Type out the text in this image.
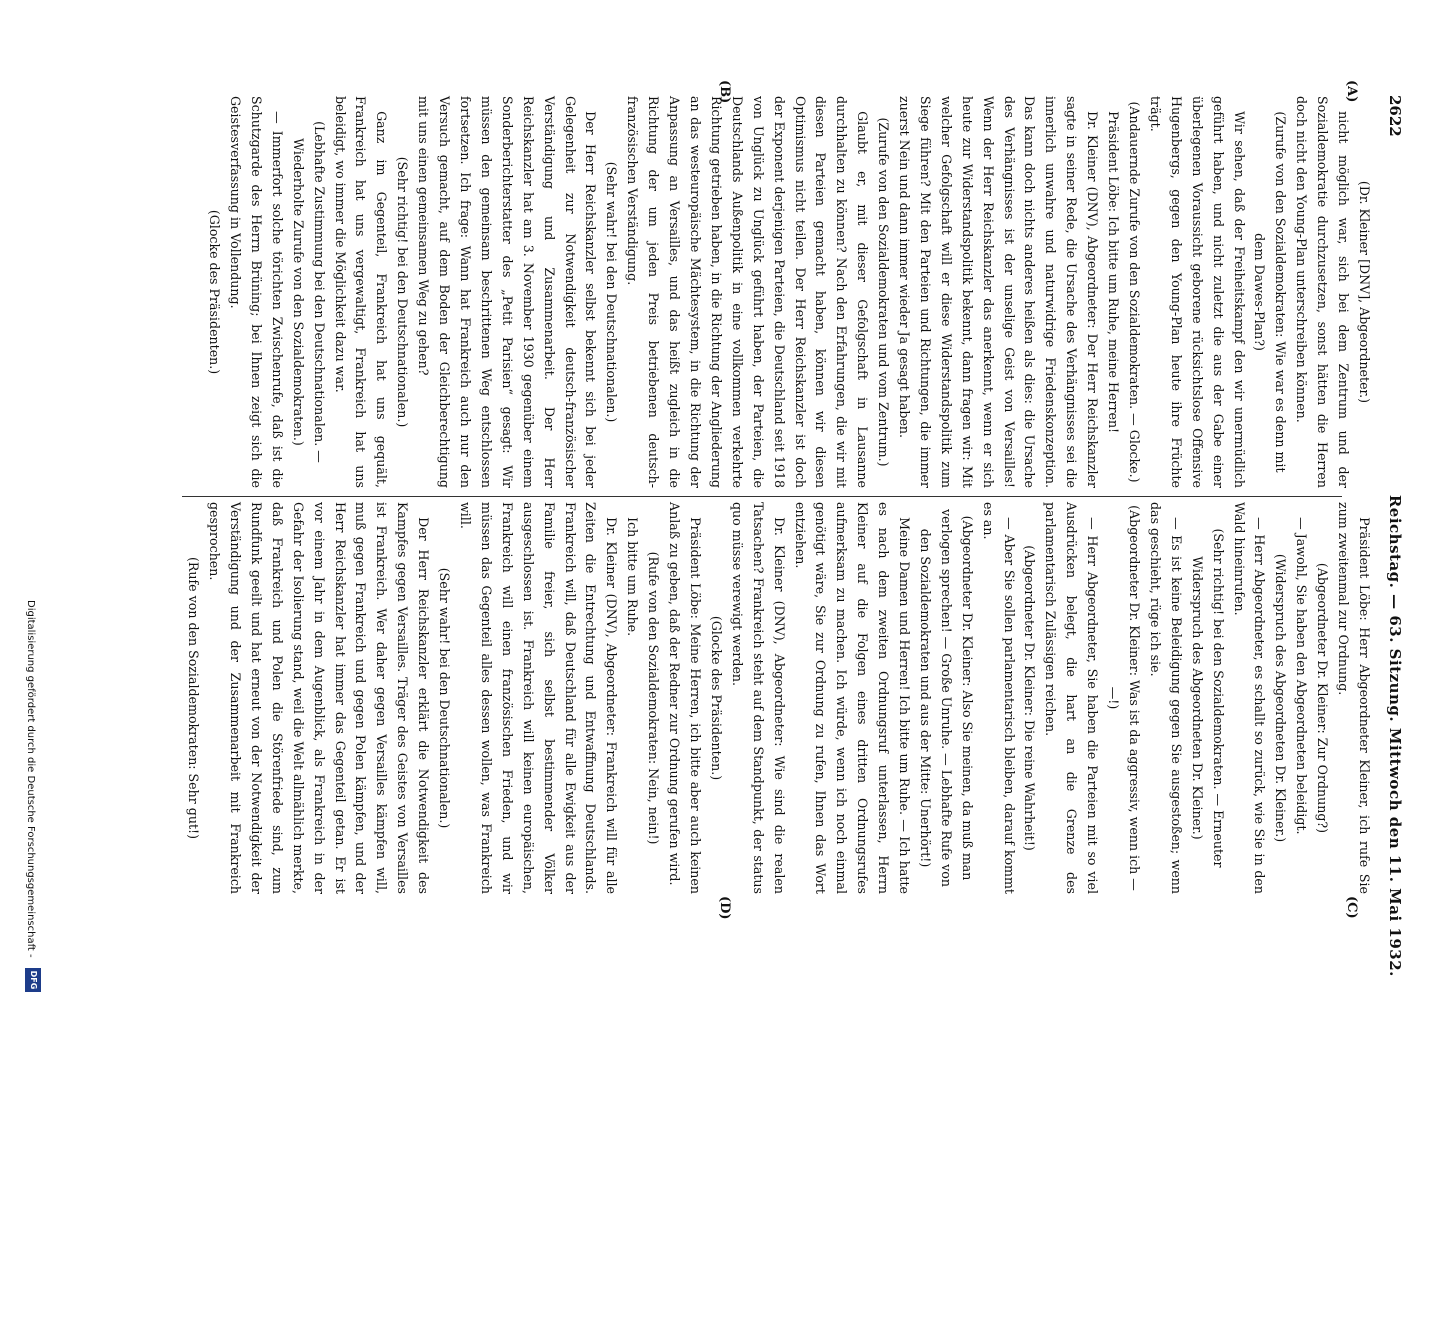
2622
Reichstag. — 63. Sitzung. Mittwoch den 11. Mai 1932.
(A)
(B)
(C)
(D)

(Dr. Kleiner [DNV], Abgeordneter.)

nicht möglich war, sich bei dem Zentrum und der Sozialdemokratie durchzusetzen, sonst hätten die Herren doch nicht den Young-Plan unterschreiben können.

(Zurufe von den Sozialdemokraten: Wie war es denn mit dem Dawes-Plan?)

Wir sehen, daß der Freiheitskampf den wir unermüdlich geführt haben, und nicht zuletzt die aus der Gabe einer überlegenen Voraussicht geborene rücksichtslose Offensive Hugenbergs, gegen den Young-Plan heute ihre Früchte trägt.

(Andauernde Zurufe von den Sozialdemokraten. — Glocke.)

Präsident Löbe: Ich bitte um Ruhe, meine Herren!

Dr. Kleiner (DNV), Abgeordneter: Der Herr Reichskanzler sagte in seiner Rede, die Ursache des Verhängnisses sei die innerlich unwahre und naturwidrige Friedenskonzeption. Das kann doch nichts anderes heißen als dies: die Ursache des Verhängnisses ist der unselige Geist von Versailles! Wenn der Herr Reichskanzler das anerkennt, wenn er sich heute zur Widerstandspolitik bekennt, dann fragen wir: Mit welcher Gefolgschaft will er diese Widerstandspolitik zum Siege führen? Mit den Parteien und Richtungen, die immer zuerst Nein und dann immer wieder Ja gesagt haben.

(Zurufe von den Sozialdemokraten und vom Zentrum.)

Glaubt er, mit dieser Gefolgschaft in Lausanne durchhalten zu können? Nach den Erfahrungen, die wir mit diesen Parteien gemacht haben, können wir diesen Optimismus nicht teilen. Der Herr Reichskanzler ist doch der Exponent derjenigen Parteien, die Deutschland seit 1918 von Unglück zu Unglück geführt haben, der Parteien, die Deutschlands Außenpolitik in eine vollkommen verkehrte Richtung getrieben haben, in die Richtung der Angliederung an das westeuropäische Mächtesystem, in die Richtung der Anpassung an Versailles, und das heißt zugleich in die Richtung der um jeden Preis betriebenen deutsch-französischen Verständigung.

(Sehr wahr! bei den Deutschnationalen.)

Der Herr Reichskanzler selbst bekennt sich bei jeder Gelegenheit zur Notwendigkeit deutsch-französischer Verständigung und Zusammenarbeit. Der Herr Reichskanzler hat am 3. November 1930 gegenüber einem Sonderberichterstatter des „Petit Parisien“ gesagt: Wir müssen den gemeinsam beschrittenen Weg entschlossen fortsetzen. Ich frage: Wann hat Frankreich auch nur den Versuch gemacht, auf dem Boden der Gleichberechtigung mit uns einen gemeinsamen Weg zu gehen?

(Sehr richtig! bei den Deutschnationalen.)

Ganz im Gegenteil, Frankreich hat uns gequält, Frankreich hat uns vergewaltigt, Frankreich hat uns beleidigt, wo immer die Möglichkeit dazu war.

(Lebhafte Zustimmung bei den Deutschnationalen. — Wiederholte Zurufe von den Sozialdemokraten.)

— Immerfort solche törichten Zwischenrufe, daß ist die Schutzgarde des Herrn Brüning; bei Ihnen zeigt sich die Geistesverfassung in Vollendung.

(Glocke des Präsidenten.)

Präsident Löbe: Herr Abgeordneter Kleiner, ich rufe Sie zum zweitenmal zur Ordnung.

(Abgeordneter Dr. Kleiner: Zur Ordnung?)

— Jawohl, Sie haben den Abgeordneten beleidigt.

(Widerspruch des Abgeordneten Dr. Kleiner.)

— Herr Abgeordneter, es schallt so zurück, wie Sie in den Wald hineinrufen.

(Sehr richtig! bei den Sozialdemokraten. — Erneuter Widerspruch des Abgeordneten Dr. Kleiner.)

— Es ist keine Beleidigung gegen Sie ausgestoßen; wenn das geschieht, rüge ich sie.

(Abgeordneter Dr. Kleiner: Was ist da aggressiv, wenn ich — —!)

— Herr Abgeordneter, Sie haben die Parteien mit so viel Ausdrücken belegt, die hart an die Grenze des parlamentarisch Zulässigen reichen.

(Abgeordneter Dr. Kleiner: Die reine Wahrheit!)

— Aber Sie sollen parlamentarisch bleiben, darauf kommt es an.

(Abgeordneter Dr. Kleiner: Also Sie meinen, da muß man verlogen sprechen! — Große Unruhe. — Lebhafte Rufe von den Sozialdemokraten und aus der Mitte: Unerhört!)

Meine Damen und Herren! Ich bitte um Ruhe. — Ich hatte es nach dem zweiten Ordnungsruf unterlassen, Herrn Kleiner auf die Folgen eines dritten Ordnungsrufes aufmerksam zu machen. Ich würde, wenn ich noch einmal genötigt wäre, Sie zur Ordnung zu rufen, Ihnen das Wort entziehen.

Dr. Kleiner (DNV), Abgeordneter: Wie sind die realen Tatsachen? Frankreich steht auf dem Standpunkt, der status quo müsse verewigt werden.

(Glocke des Präsidenten.)

Präsident Löbe: Meine Herren, ich bitte aber auch keinen Anlaß zu geben, daß der Redner zur Ordnung gerufen wird.

(Rufe von den Sozialdemokraten: Nein, nein!)

Ich bitte um Ruhe.

Dr. Kleiner (DNV), Abgeordneter: Frankreich will für alle Zeiten die Entrechtung und Entwaffnung Deutschlands. Frankreich will, daß Deutschland für alle Ewigkeit aus der Familie freier, sich selbst bestimmender Völker ausgeschlossen ist. Frankreich will keinen europäischen, Frankreich will einen französischen Frieden, und wir müssen das Gegenteil alles dessen wollen, was Frankreich will.

(Sehr wahr! bei den Deutschnationalen.)

Der Herr Reichskanzler erklärt die Notwendigkeit des Kampfes gegen Versailles. Träger des Geistes von Versailles ist Frankreich. Wer daher gegen Versailles kämpfen will, muß gegen Frankreich und gegen Polen kämpfen, und der Herr Reichskanzler hat immer das Gegenteil getan. Er ist vor einem Jahr in dem Augenblick, als Frankreich in der Gefahr der Isolierung stand, weil die Welt allmählich merkte, daß Frankreich und Polen die Störenfriede sind, zum Rundfunk geeilt und hat erneut von der Notwendigkeit der Verständigung und der Zusammenarbeit mit Frankreich gesprochen.

(Rufe von den Sozialdemokraten: Sehr gut!)

Digitalisierung gefördert durch die Deutsche Forschungsgemeinschaft -
DFG
